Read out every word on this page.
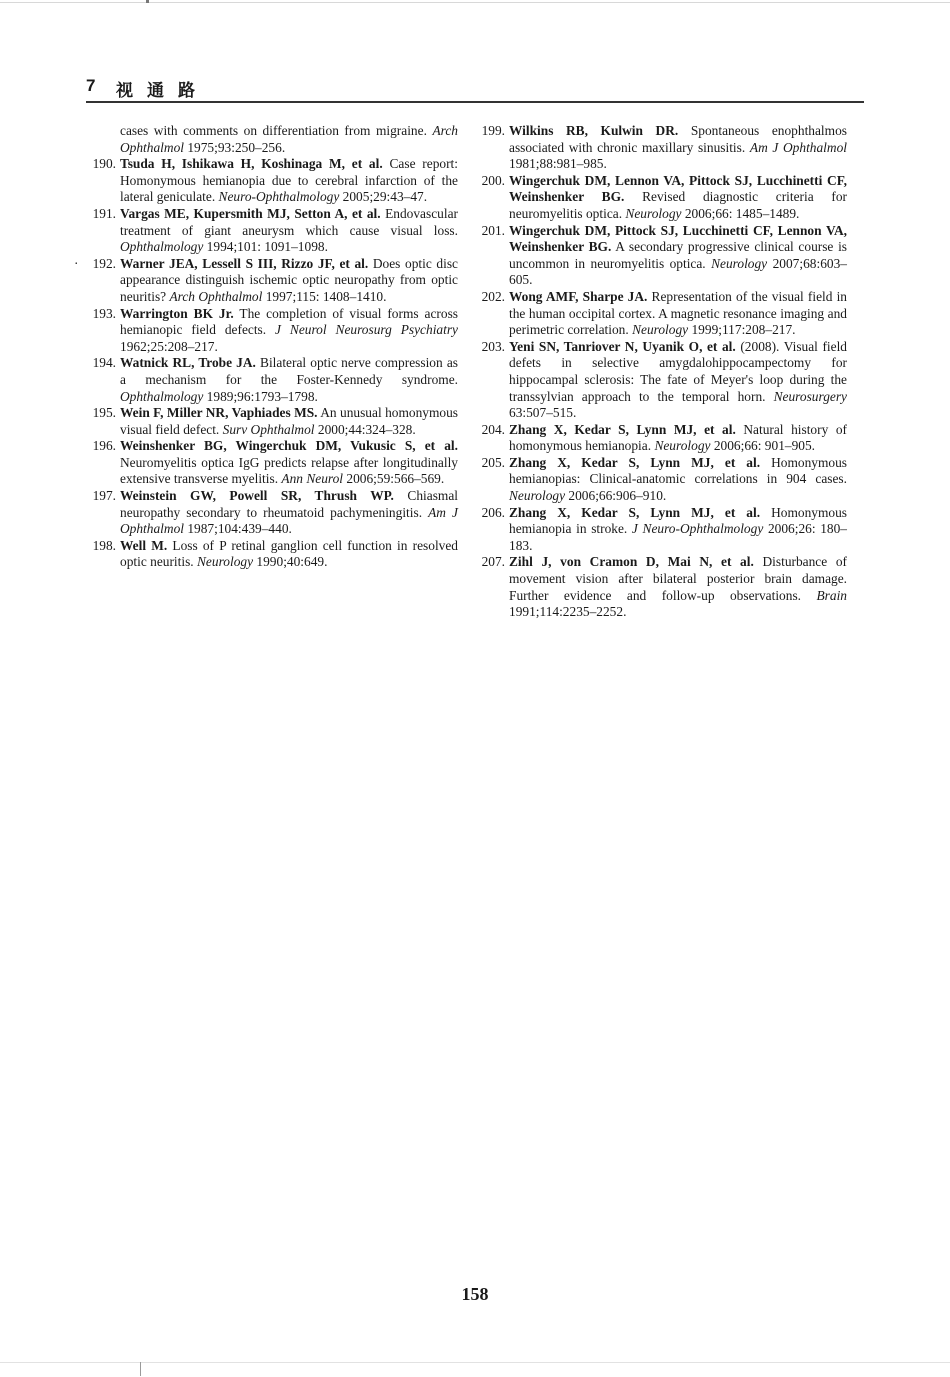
7 视通路

cases with comments on differentiation from migraine. Arch Ophthalmol 1975;93:250–256.

190. Tsuda H, Ishikawa H, Koshinaga M, et al. Case report: Homonymous hemianopia due to cerebral infarction of the lateral geniculate. Neuro-Ophthalmology 2005;29:43–47.

191. Vargas ME, Kupersmith MJ, Setton A, et al. Endovascular treatment of giant aneurysm which cause visual loss. Ophthalmology 1994;101: 1091–1098.

·	192. Warner JEA, Lessell S III, Rizzo JF, et al. Does optic disc appearance distinguish ischemic optic neuropathy from optic neuritis? Arch Ophthalmol 1997;115: 1408–1410.

193. Warrington BK Jr. The completion of visual forms across hemianopic field defects. J Neurol Neurosurg Psychiatry 1962;25:208–217.

194. Watnick RL, Trobe JA. Bilateral optic nerve compression as a mechanism for the Foster-Kennedy syndrome. Ophthalmology 1989;96:1793–1798.

195. Wein F, Miller NR, Vaphiades MS. An unusual homonymous visual field defect. Surv Ophthalmol 2000;44:324–328.

196. Weinshenker BG, Wingerchuk DM, Vukusic S, et al. Neuromyelitis optica IgG predicts relapse after longitudinally extensive transverse myelitis. Ann Neurol 2006;59:566–569.

197. Weinstein GW, Powell SR, Thrush WP. Chiasmal neuropathy secondary to rheumatoid pachymeningitis. Am J Ophthalmol 1987;104:439–440.

198. Well M. Loss of P retinal ganglion cell function in resolved optic neuritis. Neurology 1990;40:649.

199. Wilkins RB, Kulwin DR. Spontaneous enophthalmos associated with chronic maxillary sinusitis. Am J Ophthalmol 1981;88:981–985.

200. Wingerchuk DM, Lennon VA, Pittock SJ, Lucchinetti CF, Weinshenker BG. Revised diagnostic criteria for neuromyelitis optica. Neurology 2006;66: 1485–1489.

201. Wingerchuk DM, Pittock SJ, Lucchinetti CF, Lennon VA, Weinshenker BG. A secondary progressive clinical course is uncommon in neuromyelitis optica. Neurology 2007;68:603–605.

202. Wong AMF, Sharpe JA. Representation of the visual field in the human occipital cortex. A magnetic resonance imaging and perimetric correlation. Neurology 1999;117:208–217.

203. Yeni SN, Tanriover N, Uyanik O, et al. (2008). Visual field defets in selective amygdalohippocampectomy for hippocampal sclerosis: The fate of Meyer's loop during the transsylvian approach to the temporal horn. Neurosurgery 63:507–515.

204. Zhang X, Kedar S, Lynn MJ, et al. Natural history of homonymous hemianopia. Neurology 2006;66: 901–905.

205. Zhang X, Kedar S, Lynn MJ, et al. Homonymous hemianopias: Clinical-anatomic correlations in 904 cases. Neurology 2006;66:906–910.

206. Zhang X, Kedar S, Lynn MJ, et al. Homonymous hemianopia in stroke. J Neuro-Ophthalmology 2006;26: 180–183.

207. Zihl J, von Cramon D, Mai N, et al. Disturbance of movement vision after bilateral posterior brain damage. Further evidence and follow-up observations. Brain 1991;114:2235–2252.

158
